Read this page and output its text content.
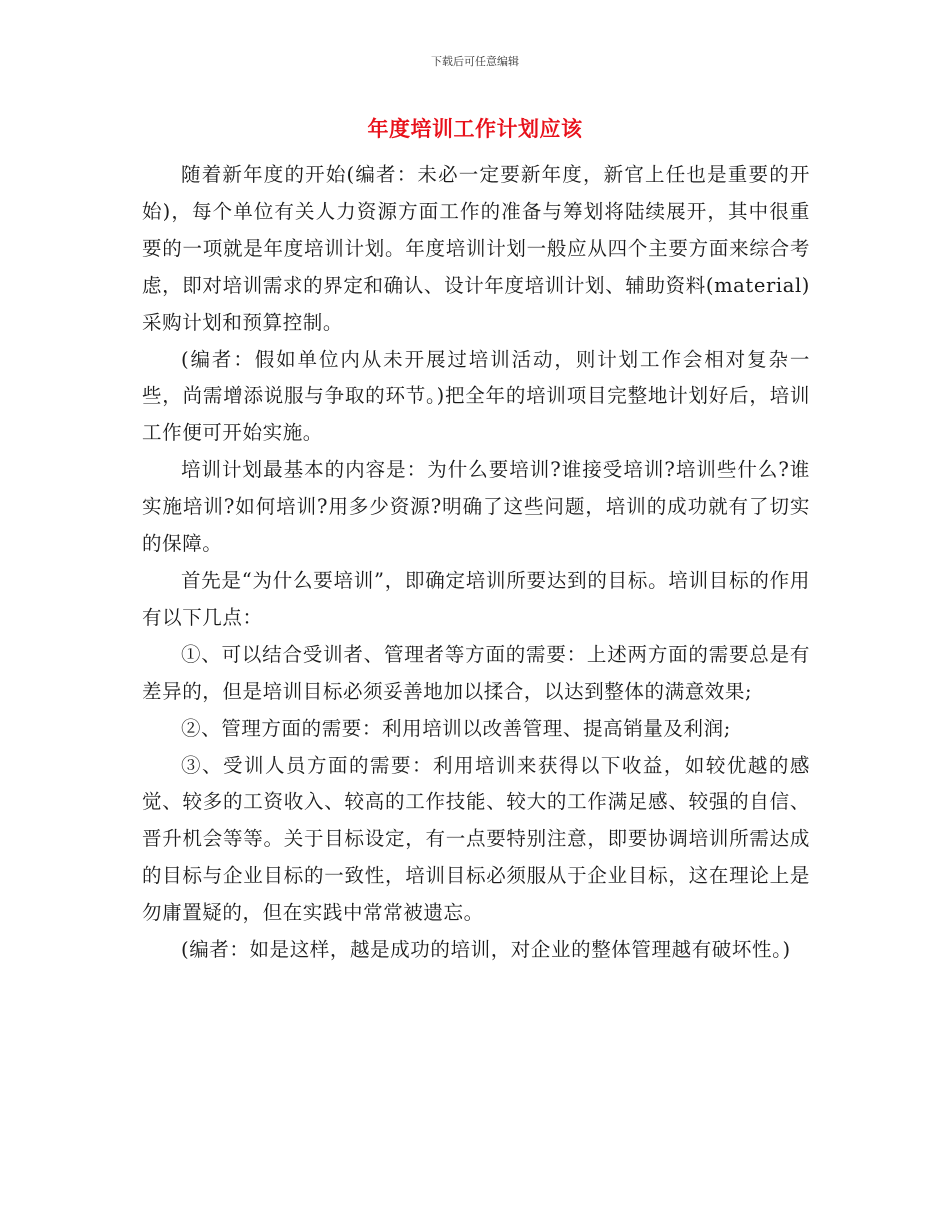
下载后可任意编辑
年度培训工作计划应该

随着新年度的开始(编者：未必一定要新年度，新官上任也是重要的开始)，每个单位有关人力资源方面工作的准备与筹划将陆续展开，其中很重要的一项就是年度培训计划。年度培训计划一般应从四个主要方面来综合考虑，即对培训需求的界定和确认、设计年度培训计划、辅助资料(material)采购计划和预算控制。

(编者：假如单位内从未开展过培训活动，则计划工作会相对复杂一些，尚需增添说服与争取的环节。)把全年的培训项目完整地计划好后，培训工作便可开始实施。

培训计划最基本的内容是：为什么要培训?谁接受培训?培训些什么?谁实施培训?如何培训?用多少资源?明确了这些问题，培训的成功就有了切实的保障。

首先是“为什么要培训”，即确定培训所要达到的目标。培训目标的作用有以下几点：

①、可以结合受训者、管理者等方面的需要：上述两方面的需要总是有差异的，但是培训目标必须妥善地加以揉合，以达到整体的满意效果;

②、管理方面的需要：利用培训以改善管理、提高销量及利润;

③、受训人员方面的需要：利用培训来获得以下收益，如较优越的感觉、较多的工资收入、较高的工作技能、较大的工作满足感、较强的自信、晋升机会等等。关于目标设定，有一点要特别注意，即要协调培训所需达成的目标与企业目标的一致性，培训目标必须服从于企业目标，这在理论上是勿庸置疑的，但在实践中常常被遗忘。

(编者：如是这样，越是成功的培训，对企业的整体管理越有破坏性。)
